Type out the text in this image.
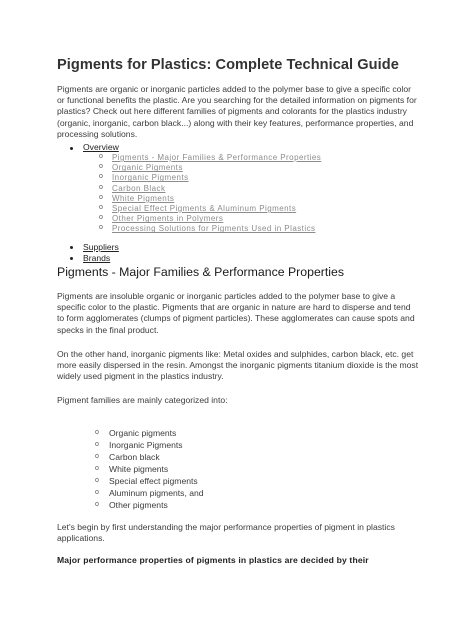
Pigments for Plastics: Complete Technical Guide

Pigments are organic or inorganic particles added to the polymer base to give a specific color or functional benefits the plastic. Are you searching for the detailed information on pigments for plastics? Check out here different families of pigments and colorants for the plastics industry (organic, inorganic, carbon black...) along with their key features, performance properties, and processing solutions.

Overview
o Pigments - Major Families & Performance Properties
o Organic Pigments
o Inorganic Pigments
o Carbon Black
o White Pigments
o Special Effect Pigments & Aluminum Pigments
o Other Pigments in Polymers
o Processing Solutions for Pigments Used in Plastics
Suppliers
Brands
Pigments - Major Families & Performance Properties

Pigments are insoluble organic or inorganic particles added to the polymer base to give a specific color to the plastic. Pigments that are organic in nature are hard to disperse and tend to form agglomerates (clumps of pigment particles). These agglomerates can cause spots and specks in the final product.

On the other hand, inorganic pigments like: Metal oxides and sulphides, carbon black, etc. get more easily dispersed in the resin. Amongst the inorganic pigments titanium dioxide is the most widely used pigment in the plastics industry.

Pigment families are mainly categorized into:

o Organic pigments
o Inorganic Pigments
o Carbon black
o White pigments
o Special effect pigments
o Aluminum pigments, and
o Other pigments

Let's begin by first understanding the major performance properties of pigment in plastics applications.

Major performance properties of pigments in plastics are decided by their
